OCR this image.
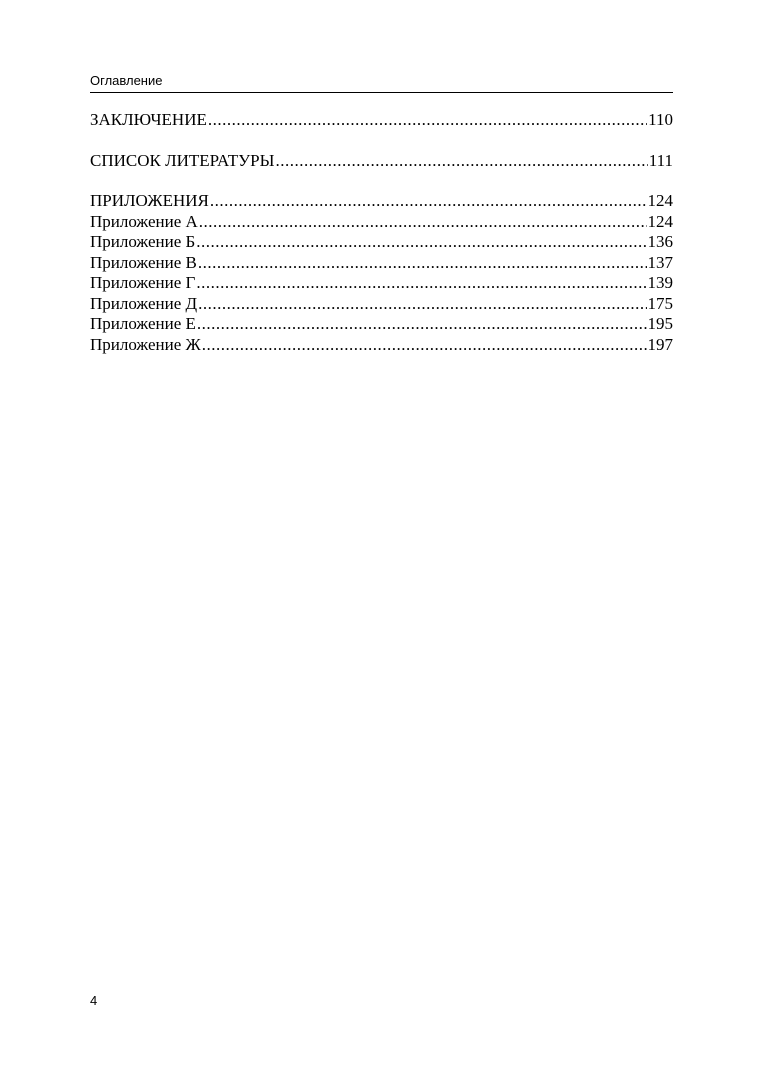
Оглавление
ЗАКЛЮЧЕНИЕ .....	110
СПИСОК ЛИТЕРАТУРЫ .....	111
ПРИЛОЖЕНИЯ .....	124
Приложение А .....	124
Приложение Б .....	136
Приложение В .....	137
Приложение Г .....	139
Приложение Д .....	175
Приложение Е .....	195
Приложение Ж .....	197
4
